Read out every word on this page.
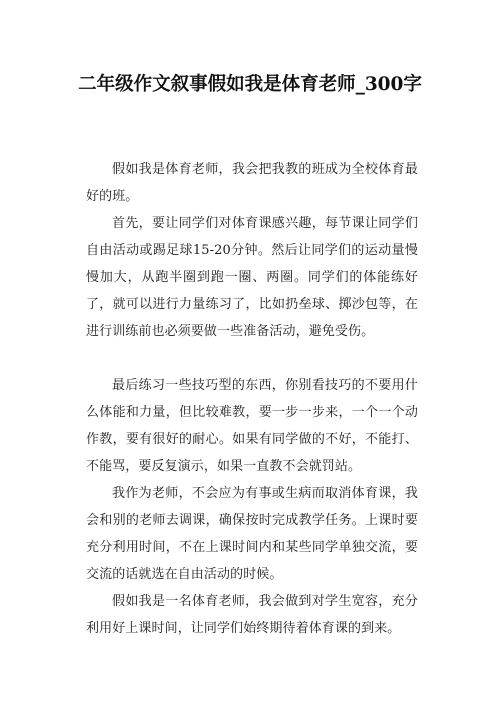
二年级作文叙事假如我是体育老师_300字

假如我是体育老师，我会把我教的班成为全校体育最好的班。

首先，要让同学们对体育课感兴趣，每节课让同学们自由活动或踢足球15-20分钟。然后让同学们的运动量慢慢加大，从跑半圈到跑一圈、两圈。同学们的体能练好了，就可以进行力量练习了，比如扔垒球、掷沙包等，在进行训练前也必须要做一些准备活动，避免受伤。

最后练习一些技巧型的东西，你别看技巧的不要用什么体能和力量，但比较难教，要一步一步来，一个一个动作教，要有很好的耐心。如果有同学做的不好，不能打、不能骂，要反复演示，如果一直教不会就罚站。

我作为老师，不会应为有事或生病而取消体育课，我会和别的老师去调课，确保按时完成教学任务。上课时要充分利用时间，不在上课时间内和某些同学单独交流，要交流的话就选在自由活动的时候。

假如我是一名体育老师，我会做到对学生宽容，充分利用好上课时间，让同学们始终期待着体育课的到来。
